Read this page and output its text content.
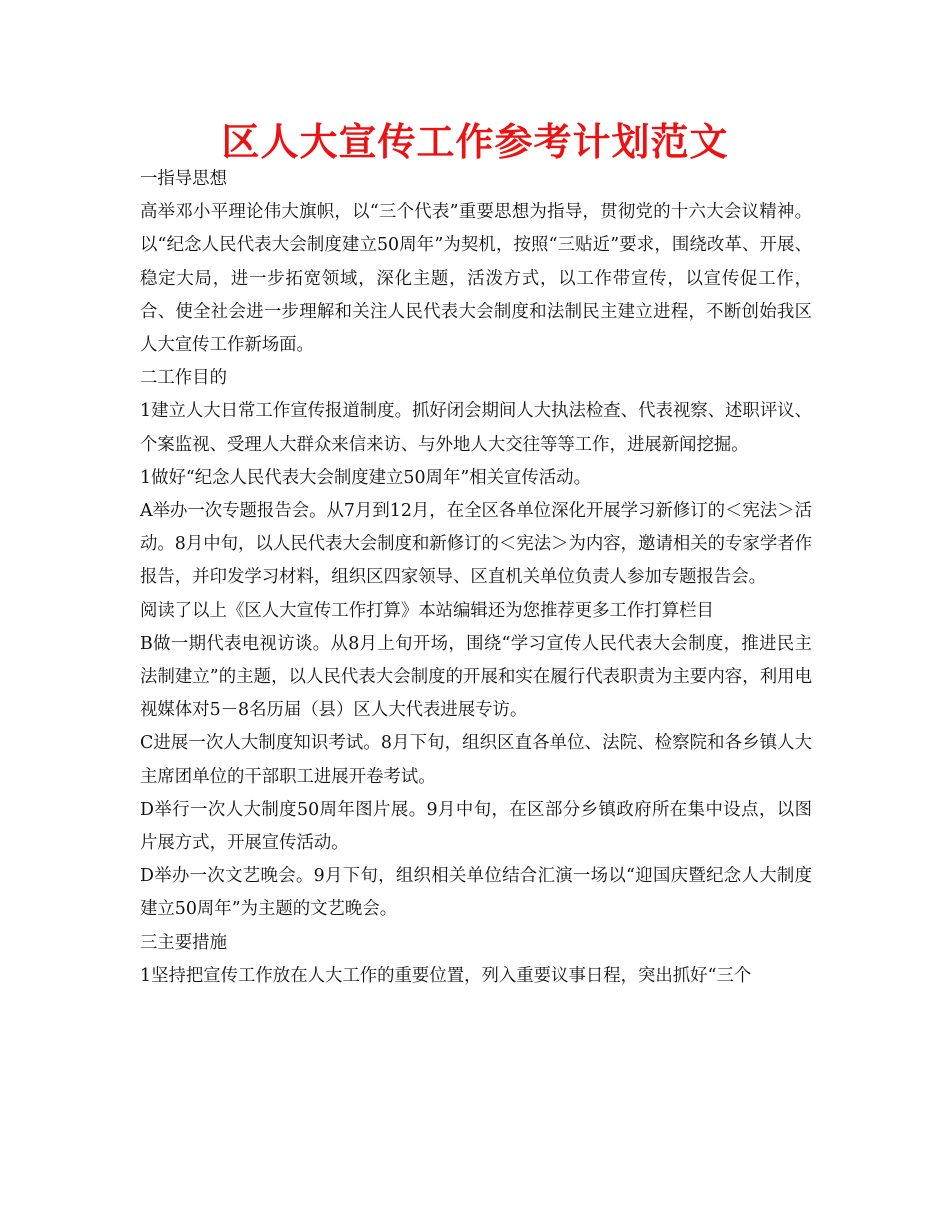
区人大宣传工作参考计划范文

一指导思想

高举邓小平理论伟大旗帜，以“三个代表”重要思想为指导，贯彻党的十六大会议精神。以“纪念人民代表大会制度建立50周年”为契机，按照“三贴近”要求，围绕改革、开展、稳定大局，进一步拓宽领域，深化主题，活泼方式，以工作带宣传，以宣传促工作，合、使全社会进一步理解和关注人民代表大会制度和法制民主建立进程，不断创始我区人大宣传工作新场面。

二工作目的

1建立人大日常工作宣传报道制度。抓好闭会期间人大执法检查、代表视察、述职评议、个案监视、受理人大群众来信来访、与外地人大交往等等工作，进展新闻挖掘。

1做好“纪念人民代表大会制度建立50周年”相关宣传活动。

A举办一次专题报告会。从7月到12月，在全区各单位深化开展学习新修订的＜宪法＞活动。8月中旬，以人民代表大会制度和新修订的＜宪法＞为内容，邀请相关的专家学者作报告，并印发学习材料，组织区四家领导、区直机关单位负责人参加专题报告会。

阅读了以上《区人大宣传工作打算》本站编辑还为您推荐更多工作打算栏目

B做一期代表电视访谈。从8月上旬开场，围绕“学习宣传人民代表大会制度，推进民主法制建立”的主题，以人民代表大会制度的开展和实在履行代表职责为主要内容，利用电视媒体对5－8名历届（县）区人大代表进展专访。

C进展一次人大制度知识考试。8月下旬，组织区直各单位、法院、检察院和各乡镇人大主席团单位的干部职工进展开卷考试。

D举行一次人大制度50周年图片展。9月中旬，在区部分乡镇政府所在集中设点，以图片展方式，开展宣传活动。

D举办一次文艺晚会。9月下旬，组织相关单位结合汇演一场以“迎国庆暨纪念人大制度建立50周年”为主题的文艺晚会。

三主要措施

1坚持把宣传工作放在人大工作的重要位置，列入重要议事日程，突出抓好“三个
